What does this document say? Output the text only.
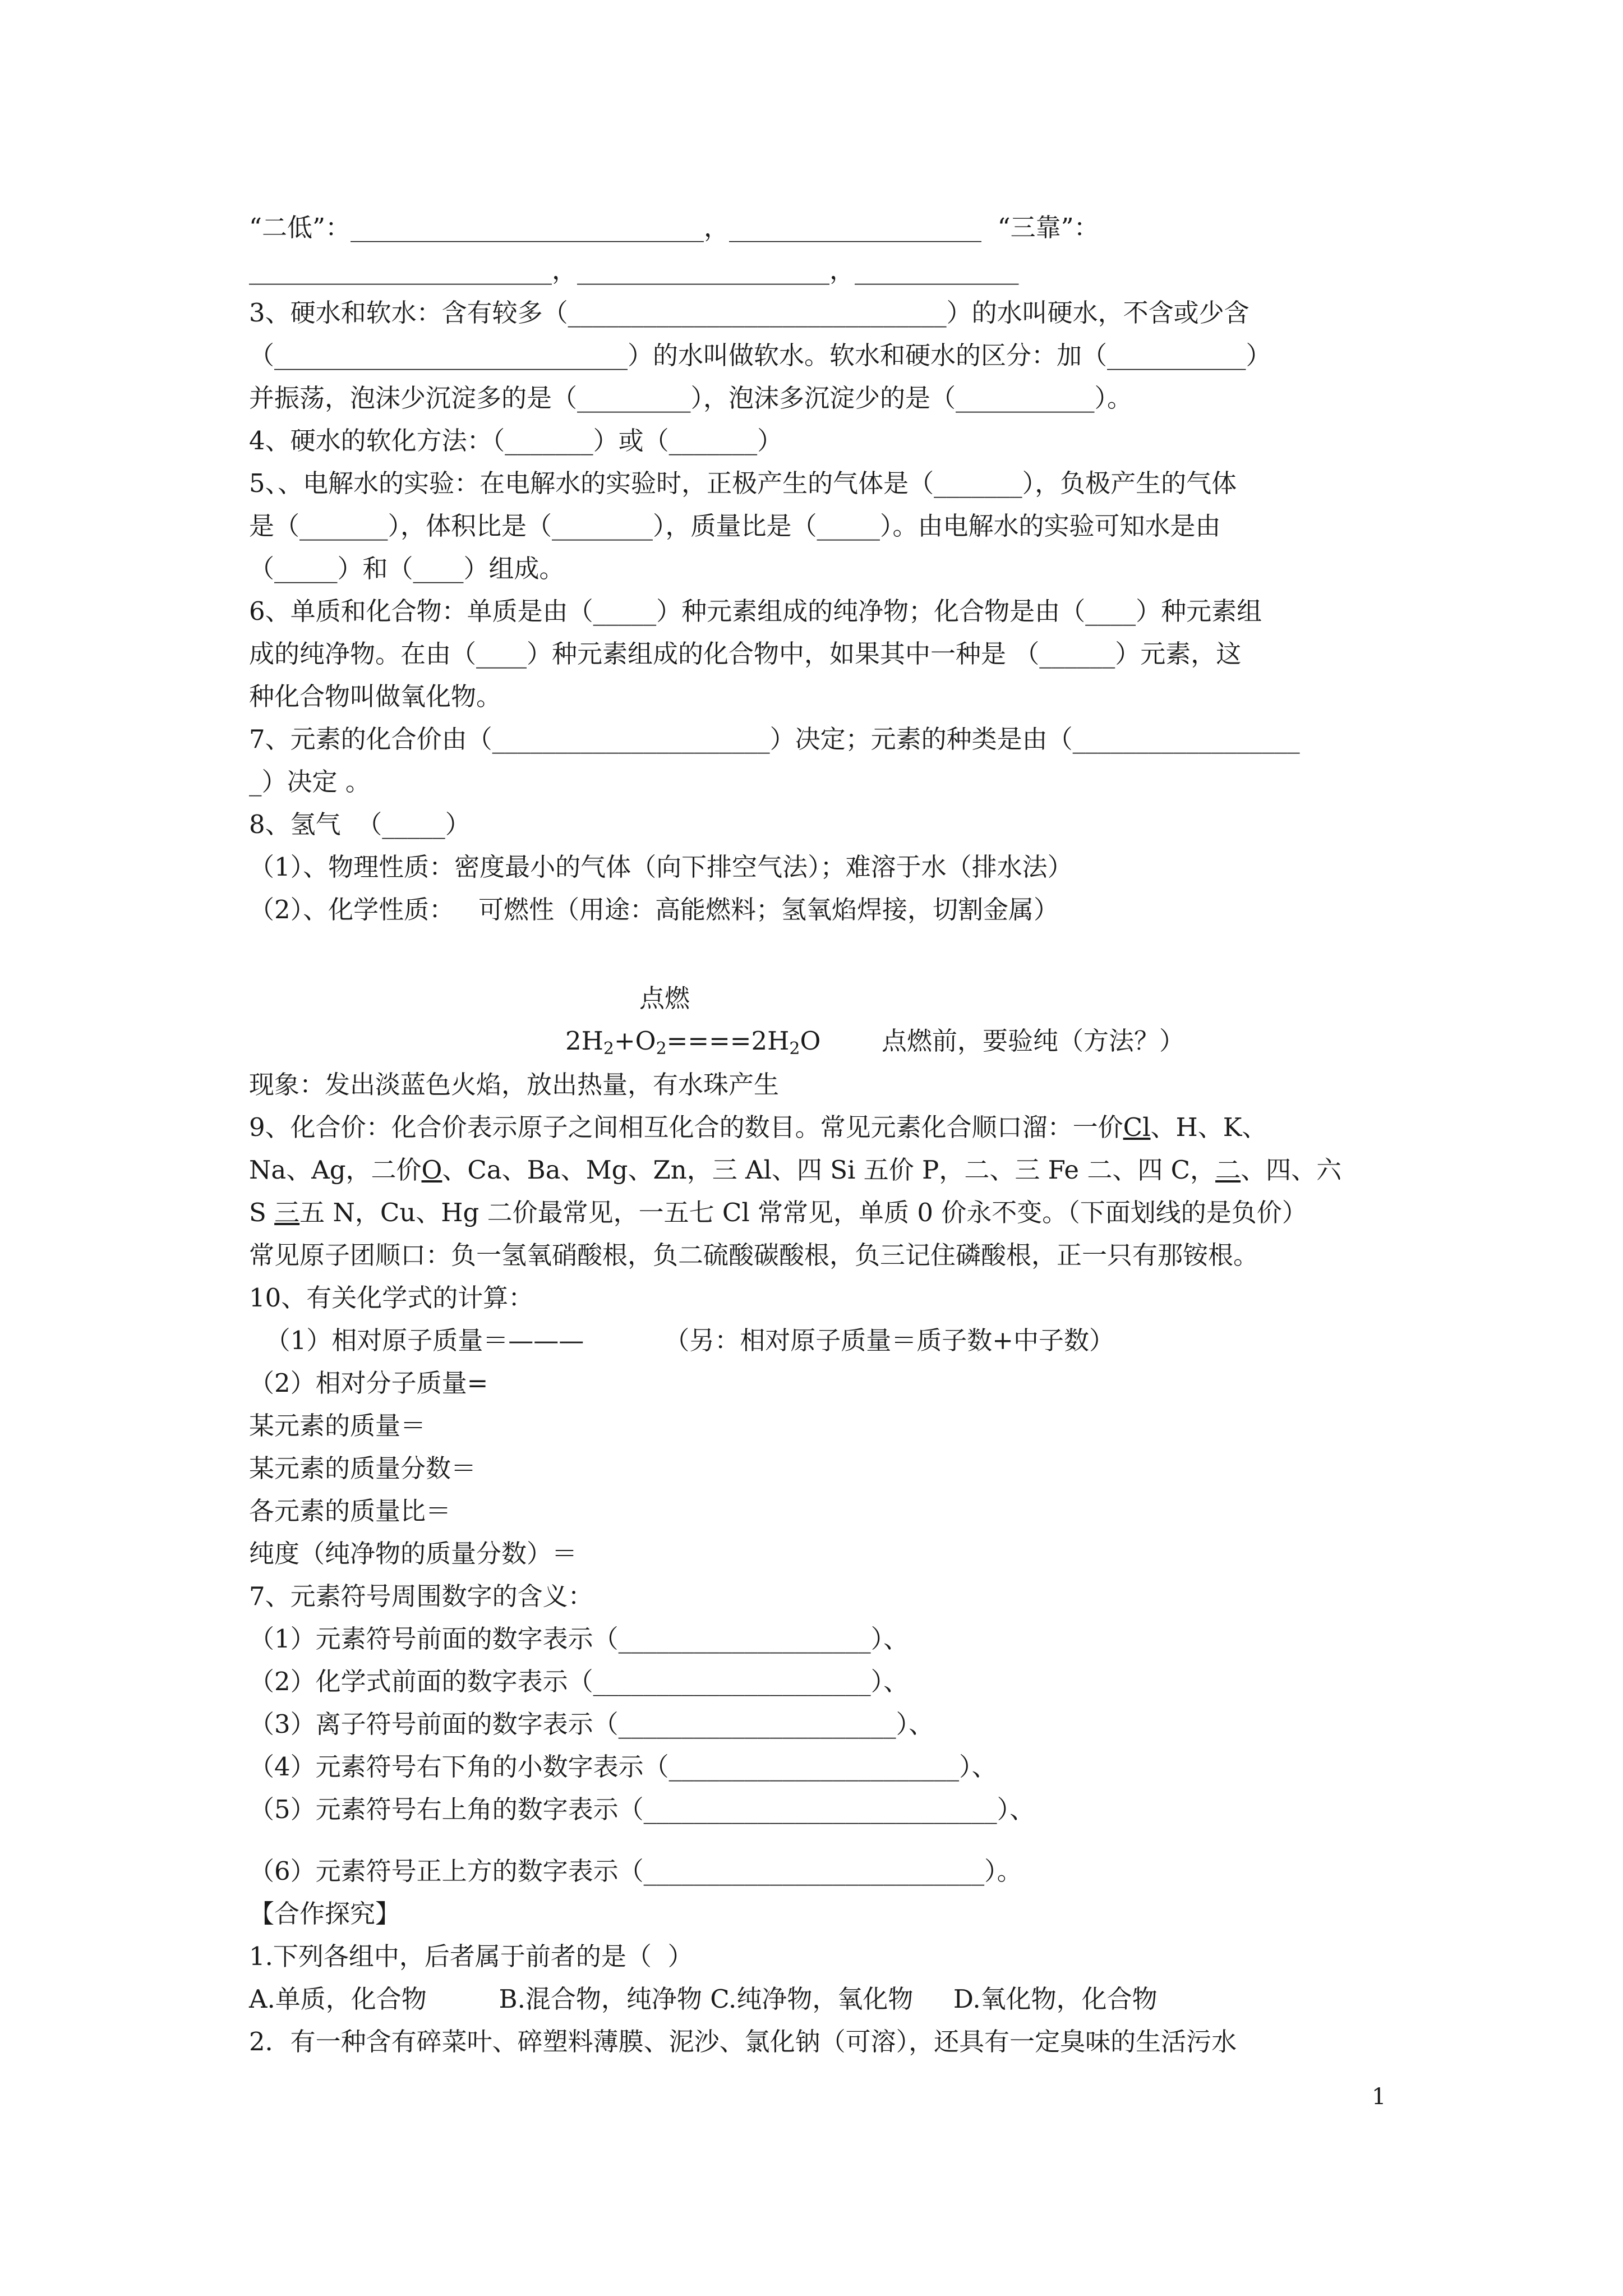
“二低”：____________________________，____________________  “三靠”：
________________________，____________________，_____________
3、硬水和软水：含有较多（______________________________）的水叫硬水，不含或少含
（____________________________）的水叫做软水。软水和硬水的区分：加（___________）
并振荡，泡沫少沉淀多的是（_________），泡沫多沉淀少的是（___________）。
4、硬水的软化方法：（_______）或（_______）
5、、电解水的实验：在电解水的实验时，正极产生的气体是（_______），负极产生的气体
是（_______），体积比是（________），质量比是（_____）。由电解水的实验可知水是由
（_____）和（____）组成。
6、单质和化合物：单质是由（_____）种元素组成的纯净物；化合物是由（____）种元素组
成的纯净物。在由（____）种元素组成的化合物中，如果其中一种是 （______）元素，这
种化合物叫做氧化物。
7、元素的化合价由（______________________）决定；元素的种类是由（__________________
_）决定 。
8、氢气  （_____）
（1）、物理性质：密度最小的气体（向下排空气法）；难溶于水（排水法）
（2）、化学性质：   可燃性（用途：高能燃料；氢氧焰焊接，切割金属）
点燃
$2H_2+O_2====2H_2O$ 点燃前，要验纯（方法？）
现象：发出淡蓝色火焰，放出热量，有水珠产生
9、化合价：化合价表示原子之间相互化合的数目。常见元素化合顺口溜：一价Cl、H、K、
Na、Ag，二价O、Ca、Ba、Mg、Zn，三 Al、四 Si 五价 P，二、三 Fe 二、四 C，二、四、六
S 三五 N，Cu、Hg 二价最常见，一五七 Cl 常常见，单质 0 价永不变。（下面划线的是负价）
常见原子团顺口：负一氢氧硝酸根，负二硫酸碳酸根，负三记住磷酸根，正一只有那铵根。
10、有关化学式的计算：
（1）相对原子质量＝———          （另：相对原子质量＝质子数+中子数）
（2）相对分子质量=
某元素的质量＝
某元素的质量分数＝
各元素的质量比＝
纯度（纯净物的质量分数）＝
7、元素符号周围数字的含义：
（1）元素符号前面的数字表示（____________________）、
（2）化学式前面的数字表示（______________________）、
（3）离子符号前面的数字表示（______________________）、
（4）元素符号右下角的小数字表示（_______________________）、
（5）元素符号右上角的数字表示（____________________________）、
（6）元素符号正上方的数字表示（___________________________）。
【合作探究】
1.下列各组中，后者属于前者的是（  ）
A.单质，化合物         B.混合物，纯净物 C.纯净物，氧化物     D.氧化物，化合物
2．有一种含有碎菜叶、碎塑料薄膜、泥沙、氯化钠（可溶），还具有一定臭味的生活污水
1
